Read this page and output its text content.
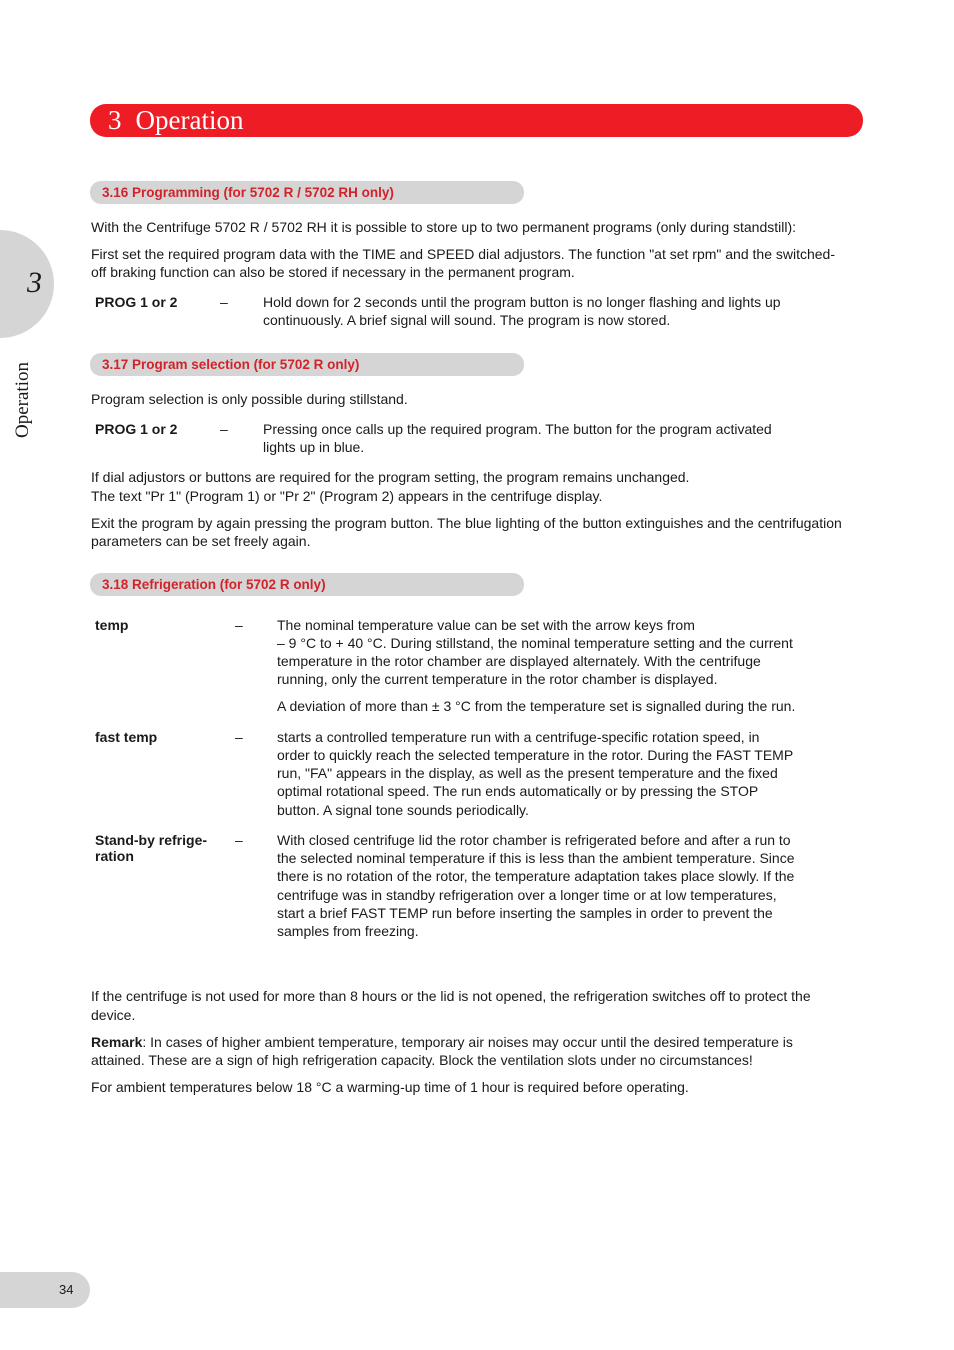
3 Operation
3
Operation
3.16 Programming (for 5702 R / 5702 RH only)

With the Centrifuge 5702 R / 5702 RH it is possible to store up to two permanent programs (only during standstill):

First set the required program data with the TIME and SPEED dial adjustors. The function "at set rpm" and the switched-

off braking function can also be stored if necessary in the permanent program.

PROG 1 or 2	–	Hold down for 2 seconds until the program button is no longer flashing and lights up
continuously. A brief signal will sound. The program is now stored.
3.17 Program selection (for 5702 R only)

Program selection is only possible during stillstand.

PROG 1 or 2	–	Pressing once calls up the required program. The button for the program activated
lights up in blue.

If dial adjustors or buttons are required for the program setting, the program remains unchanged.

The text "Pr 1" (Program 1) or "Pr 2" (Program 2) appears in the centrifuge display.

Exit the program by again pressing the program button. The blue lighting of the button extinguishes and the centrifugation

parameters can be set freely again.

3.18 Refrigeration (for 5702 R only)
temp	– The nominal temperature value can be set with the arrow keys from
– 9 °C to + 40 °C. During stillstand, the nominal temperature setting and the current
temperature in the rotor chamber are displayed alternately. With the centrifuge
running, only the current temperature in the rotor chamber is displayed.
A deviation of more than ± 3 °C from the temperature set is signalled during the run.
fast temp	– starts a controlled temperature run with a centrifuge-specific rotation speed, in
order to quickly reach the selected temperature in the rotor. During the FAST TEMP
run, "FA" appears in the display, as well as the present temperature and the fixed
optimal rotational speed. The run ends automatically or by pressing the STOP
button. A signal tone sounds periodically.
Stand-by refrige-
ration
– With closed centrifuge lid the rotor chamber is refrigerated before and after a run to
the selected nominal temperature if this is less than the ambient temperature. Since
there is no rotation of the rotor, the temperature adaptation takes place slowly. If the
centrifuge was in standby refrigeration over a longer time or at low temperatures,
start a brief FAST TEMP run before inserting the samples in order to prevent the
samples from freezing.

If the centrifuge is not used for more than 8 hours or the lid is not opened, the refrigeration switches off to protect the

device.

Remark: In cases of higher ambient temperature, temporary air noises may occur until the desired temperature is

attained. These are a sign of high refrigeration capacity. Block the ventilation slots under no circumstances!

For ambient temperatures below 18 °C a warming-up time of 1 hour is required before operating.

34
